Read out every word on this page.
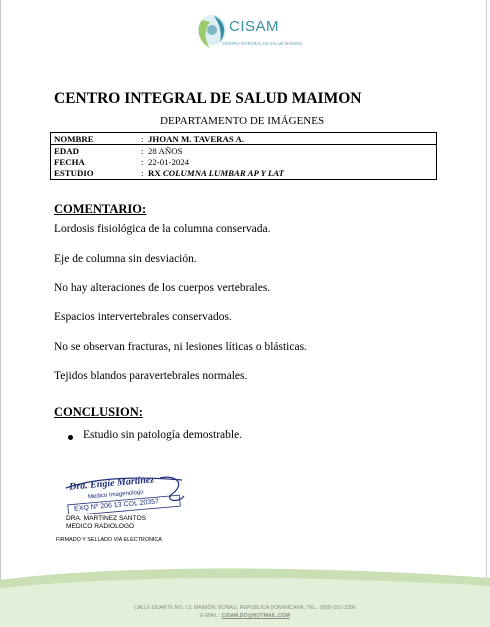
CISAM
CENTRO INTEGRAL DE SALUD MAIMON
CENTRO INTEGRAL DE SALUD MAIMON
DEPARTAMENTO DE IMÁGENES
NOMBRE	: JHOAN M. TAVERAS A.
EDAD	: 28 AÑOS
FECHA	: 22-01-2024
ESTUDIO	: RX COLUMNA LUMBAR AP Y LAT
COMENTARIO:
Lordosis fisiológica de la columna conservada.
Eje de columna sin desviación.
No hay alteraciones de los cuerpos vertebrales.
Espacios intervertebrales conservados.
No se observan fracturas, ni lesiones líticas o blásticas.
Tejidos blandos paravertebrales normales.
CONCLUSION:
Estudio sin patología demostrable.
Dra. Engie Martinez
Medico Imagenologo
EXQ Nº 206 13 COL 20357
DRA. MARTINEZ SANTOS
MEDICO RADIOLOGO
FIRMADO Y SELLADO VIA ELECTRONICA
CALLE DUARTE NO. 13, MAIMÓN, BONAO, REPUBLICA DOMINICANA, TEL.: (809)-551-2306
E-MAIL : CISAM.DO@HOTMAIL.COM
